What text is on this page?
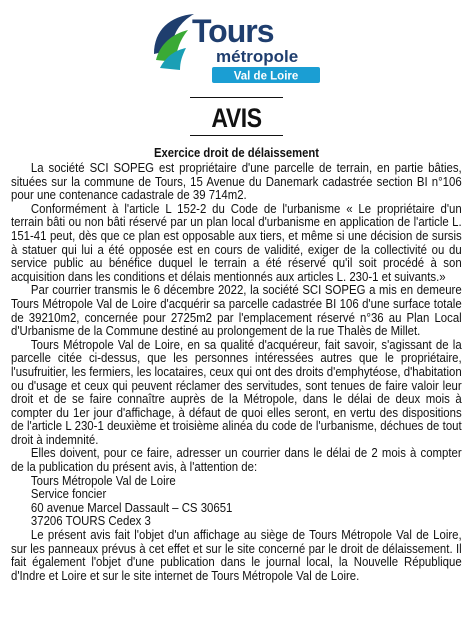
Tours
métropole
Val de Loire
AVIS
Exercice droit de délaissement

La société SCI SOPEG est propriétaire d'une parcelle de terrain, en partie bâties, situées sur la commune de Tours, 15 Avenue du Danemark cadastrée section BI n°106 pour une contenance cadastrale de 39 714m2.

Conformément à l'article L 152-2 du Code de l'urbanisme « Le propriétaire d'un terrain bâti ou non bâti réservé par un plan local d'urbanisme en application de l'article L. 151-41 peut, dès que ce plan est opposable aux tiers, et même si une décision de sursis à statuer qui lui a été opposée est en cours de validité, exiger de la collectivité ou du service public au bénéfice duquel le terrain a été réservé qu'il soit procédé à son acquisition dans les conditions et délais mentionnés aux articles L. 230-1 et suivants.»

Par courrier transmis le 6 décembre 2022, la société SCI SOPEG a mis en demeure Tours Métropole Val de Loire d'acquérir sa parcelle cadastrée BI 106 d'une surface totale de 39210m2, concernée pour 2725m2 par l'emplacement réservé n°36 au Plan Local d'Urbanisme de la Commune destiné au prolongement de la rue Thalès de Millet.

Tours Métropole Val de Loire, en sa qualité d'acquéreur, fait savoir, s'agissant de la parcelle citée ci-dessus, que les personnes intéressées autres que le propriétaire, l'usufruitier, les fermiers, les locataires, ceux qui ont des droits d'emphytéose, d'habitation ou d'usage et ceux qui peuvent réclamer des servitudes, sont tenues de faire valoir leur droit et de se faire connaître auprès de la Métropole, dans le délai de deux mois à compter du 1er jour d'affichage, à défaut de quoi elles seront, en vertu des dispositions de l'article L 230-1 deuxième et troisième alinéa du code de l'urbanisme, déchues de tout droit à indemnité.

Elles doivent, pour ce faire, adresser un courrier dans le délai de 2 mois à compter de la publication du présent avis, à l'attention de:

Tours Métropole Val de Loire
Service foncier
60 avenue Marcel Dassault – CS 30651
37206 TOURS Cedex 3

Le présent avis fait l'objet d'un affichage au siège de Tours Métropole Val de Loire, sur les panneaux prévus à cet effet et sur le site concerné par le droit de délaissement. Il fait également l'objet d'une publication dans le journal local, la Nouvelle République d'Indre et Loire et sur le site internet de Tours Métropole Val de Loire.
